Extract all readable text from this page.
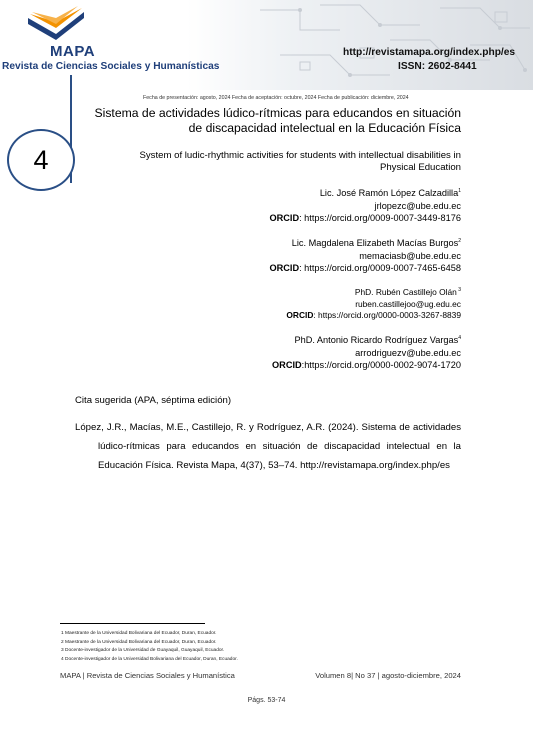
MAPA
Revista de Ciencias Sociales y Humanísticas
http://revistamapa.org/index.php/es
ISSN: 2602-8441
Fecha de presentación: agosto, 2024 Fecha de aceptación: octubre, 2024 Fecha de publicación: diciembre, 2024
4
Sistema de actividades lúdico-rítmicas para educandos en situación
de discapacidad intelectual en la Educación Física
System of ludic-rhythmic activities for students with intellectual disabilities in
Physical Education
Lic. José Ramón López Calzadilla$^1$
jrlopezc@ube.edu.ec
ORCID: https://orcid.org/0009-0007-3449-8176
Lic. Magdalena Elizabeth Macías Burgos$^2$
memaciasb@ube.edu.ec
ORCID: https://orcid.org/0009-0007-7465-6458
PhD. Rubén Castillejo Olán $^3$
ruben.castillejoo@ug.edu.ec
ORCID: https://orcid.org/0000-0003-3267-8839
PhD. Antonio Ricardo Rodríguez Vargas$^4$
arrodriguezv@ube.edu.ec
ORCID:https://orcid.org/0000-0002-9074-1720
Cita sugerida (APA, séptima edición)
López, J.R., Macías, M.E., Castillejo, R. y Rodríguez, A.R. (2024). Sistema de actividades lúdico-rítmicas para educandos en situación de discapacidad intelectual en la Educación Física. Revista Mapa, 4(37), 53–74. http://revistamapa.org/index.php/es
1 Maestrante de la Universidad Bolivariana del Ecuador, Duran, Ecuador.
2 Maestrante de la Universidad Bolivariana del Ecuador, Duran, Ecuador.
3 Docente-investigador de la Universidad de Guayaquil, Guayaquil, Ecuador.
4 Docente-investigador de la Universidad Bolivariana del Ecuador, Duran, Ecuador.
MAPA | Revista de Ciencias Sociales y Humanística	Volumen 8| No 37 | agosto-diciembre, 2024
Págs. 53-74
